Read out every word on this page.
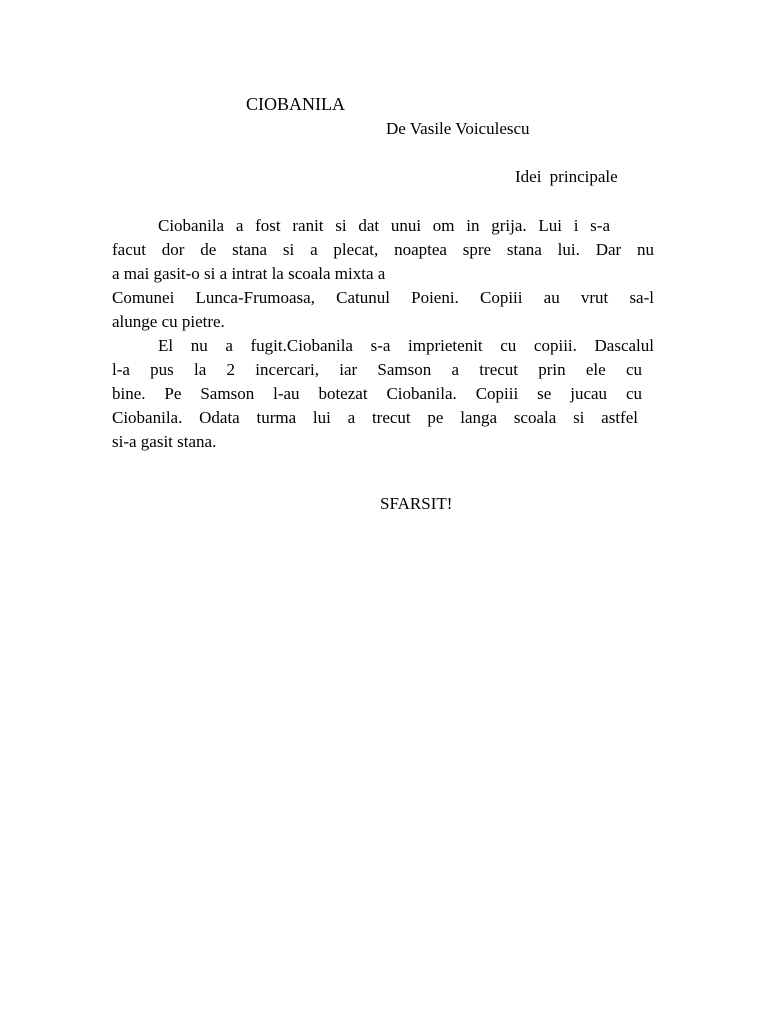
CIOBANILA
De Vasile Voiculescu
Idei principale
Ciobanila a fost ranit si dat unui om in grija. Lui i s-a
facut dor de stana si a plecat, noaptea spre stana lui. Dar nu
a mai gasit-o si a intrat la scoala mixta a
Comunei Lunca-Frumoasa, Catunul Poieni. Copiii au vrut sa-l
alunge cu pietre.
El nu a fugit.Ciobanila s-a imprietenit cu copiii. Dascalul
l-a pus la 2 incercari, iar Samson a trecut prin ele cu
bine. Pe Samson l-au botezat Ciobanila. Copiii se jucau cu
Ciobanila. Odata turma lui a trecut pe langa scoala si astfel
si-a gasit stana.
SFARSIT!
